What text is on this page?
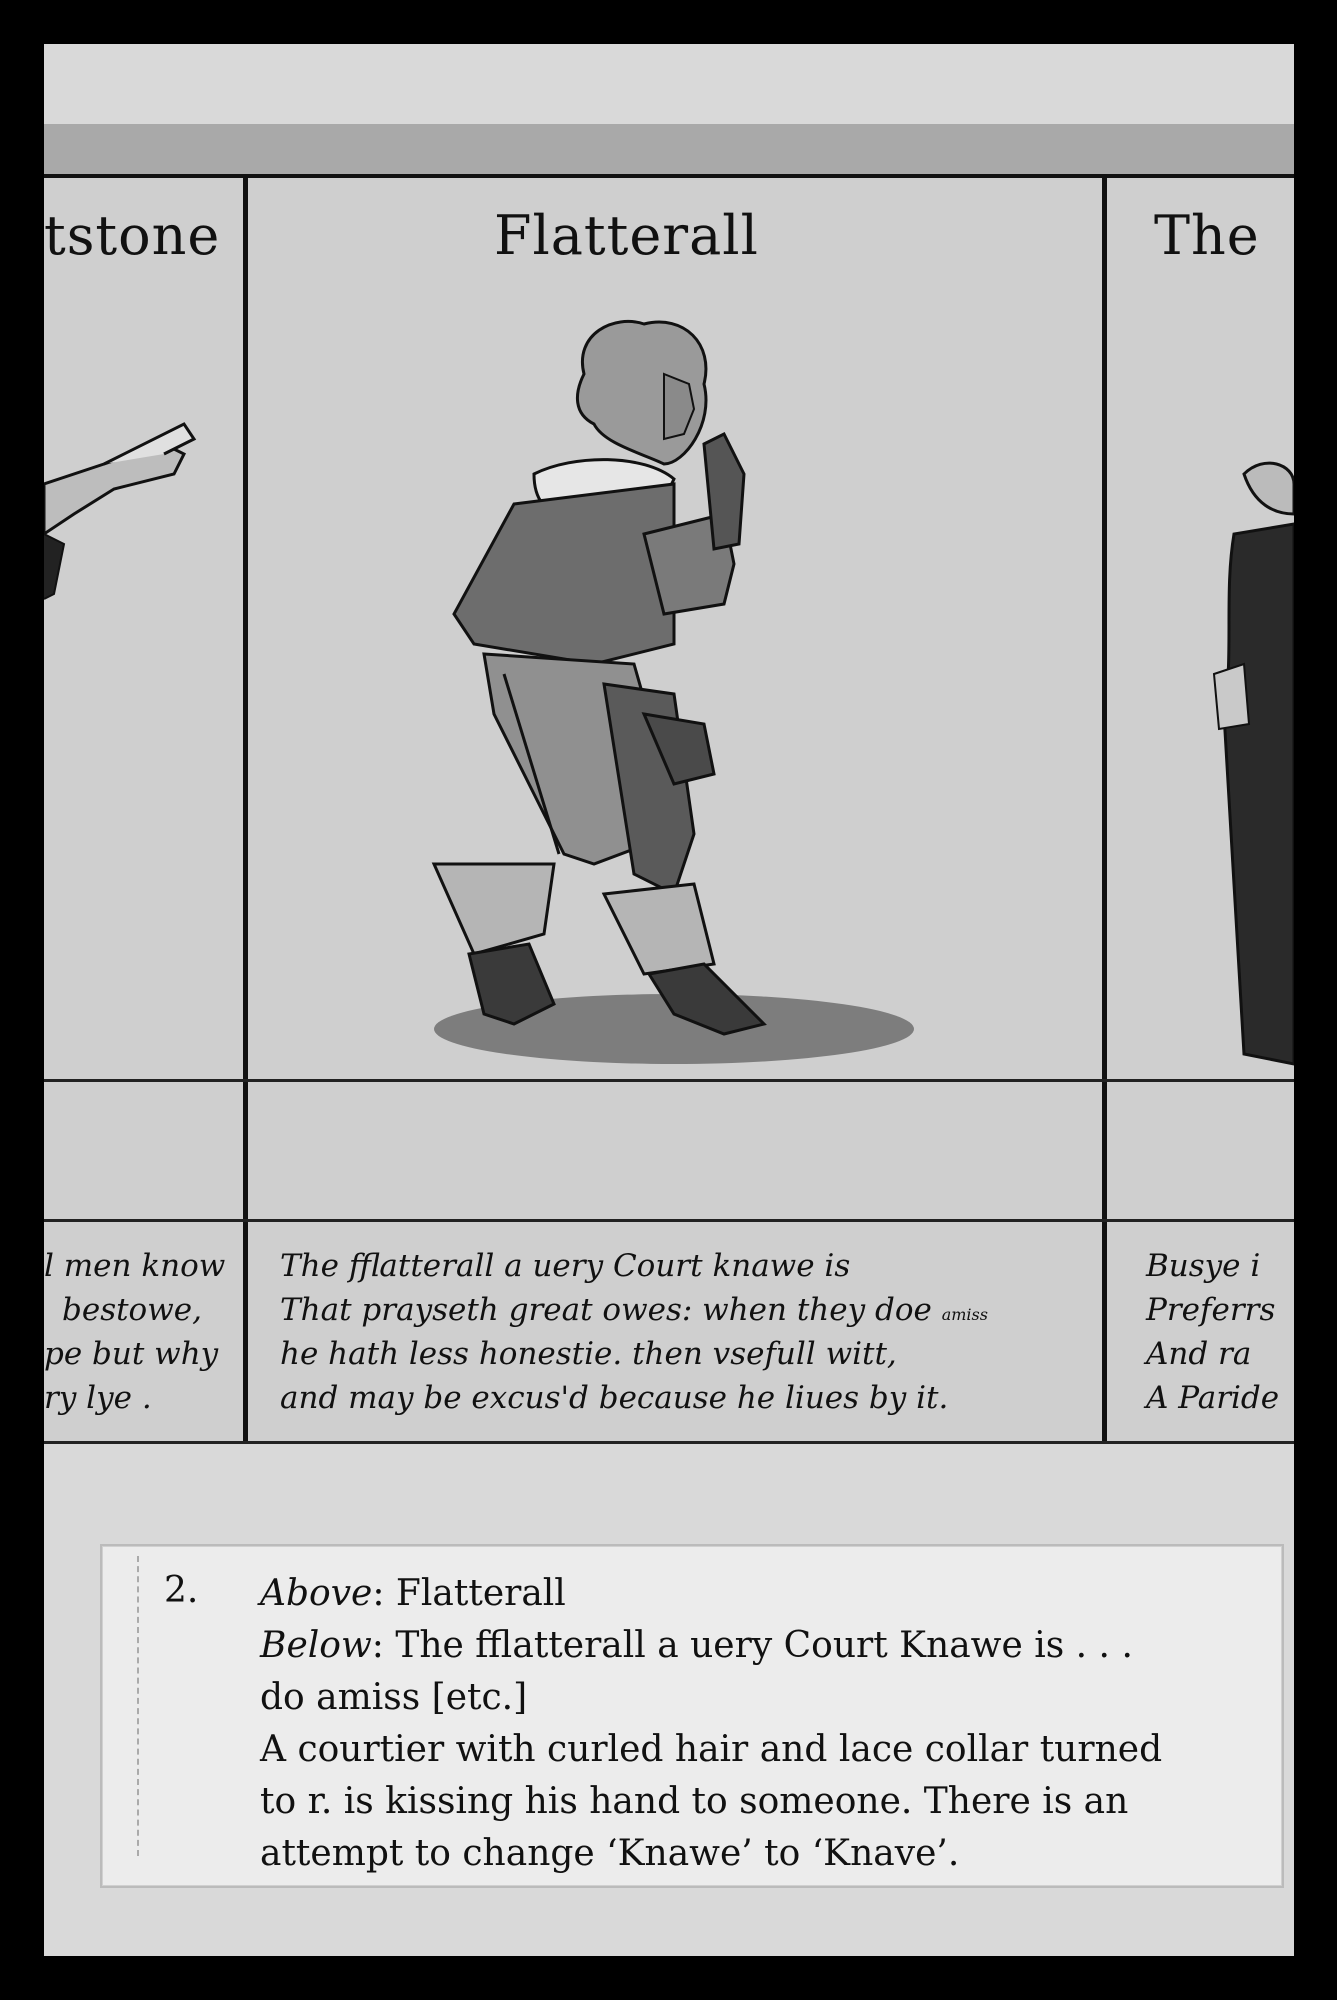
tstone
l men know
bestowe,
pe but why
ry lye .
Flatterall
The fflatterall a uery Court knawe is
That prayseth great owes: when they doe amiss
he hath less honestie. then vsefull witt,
and may be excus'd because he liues by it.
The
Busye i
Preferrs
And ra
A Paride
2. Above: Flatterall
Below: The fflatterall a uery Court Knawe is . . .
do amiss [etc.]
A courtier with curled hair and lace collar turned
to r. is kissing his hand to someone. There is an
attempt to change ‘Knawe’ to ‘Knave’.
